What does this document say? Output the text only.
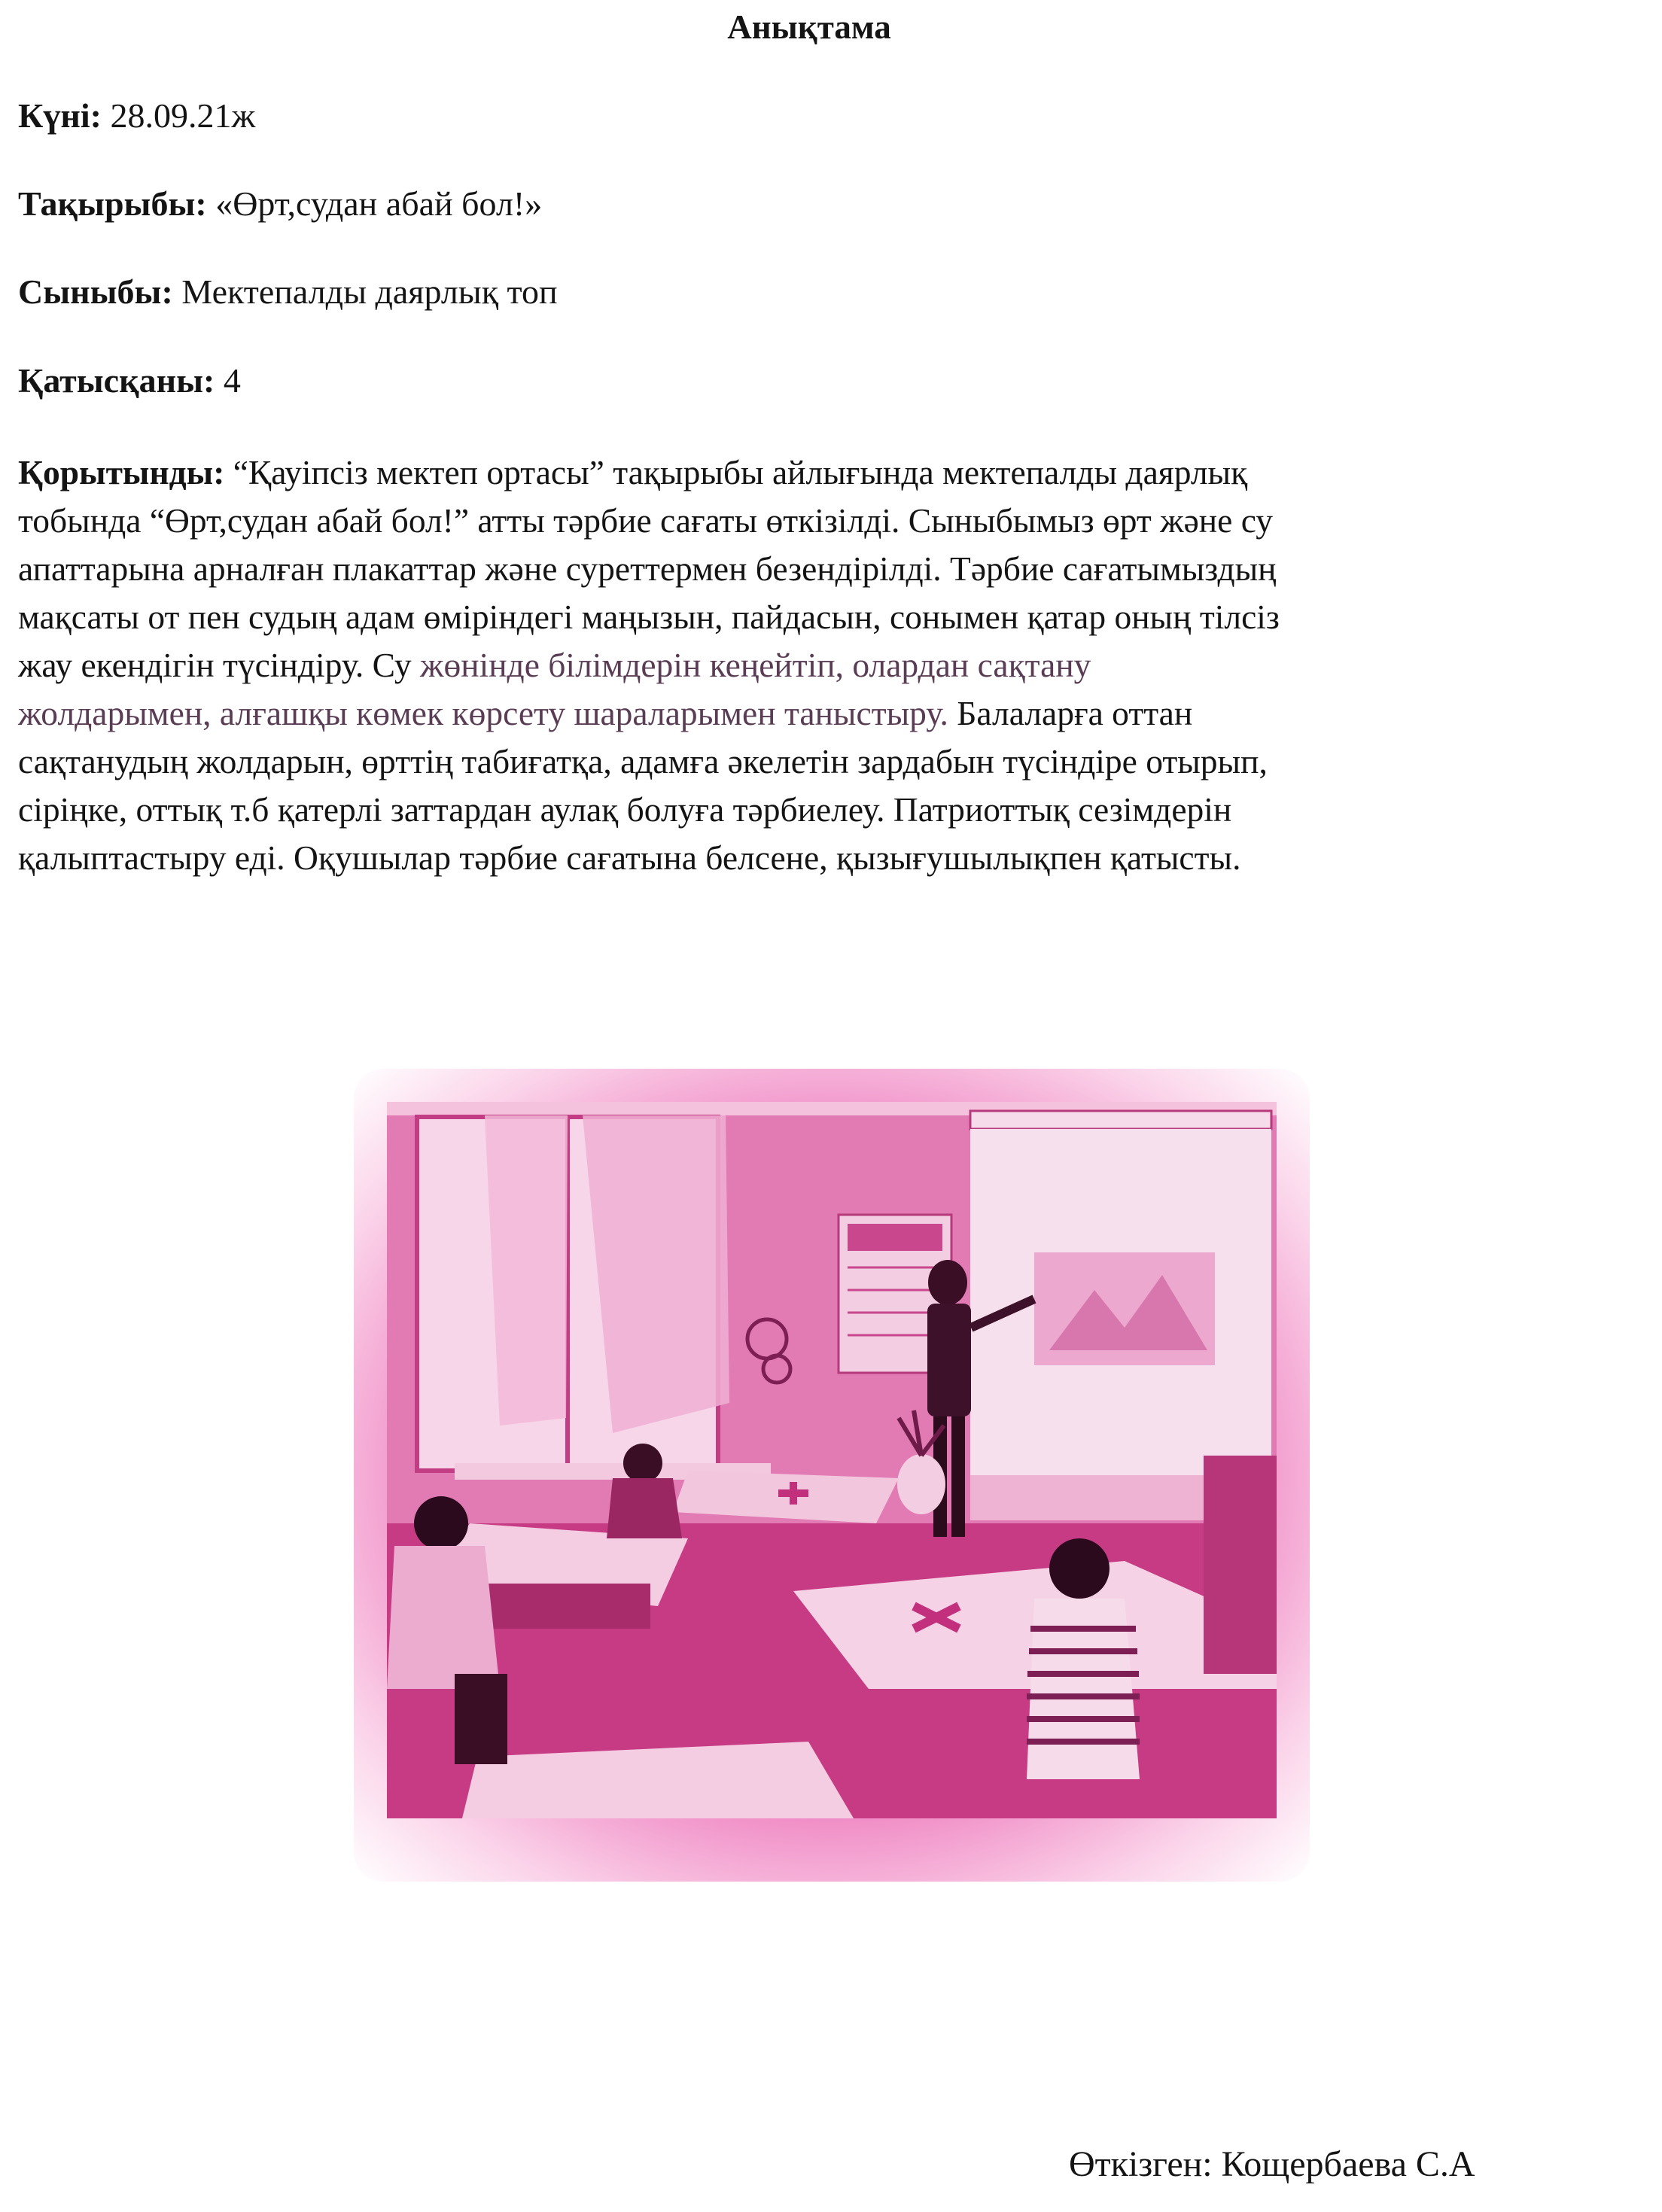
Анықтама
Күні: 28.09.21ж
Тақырыбы: «Өрт,судан абай бол!»
Сыныбы: Мектепалды даярлық топ
Қатысқаны: 4
Қорытынды: “Қауіпсіз мектеп ортасы” тақырыбы айлығында мектепалды даярлық
тобында “Өрт,судан абай бол!” атты тәрбие сағаты өткізілді. Сыныбымыз өрт және су
апаттарына арналған плакаттар және суреттермен безендірілді. Тәрбие сағатымыздың
мақсаты от пен судың адам өміріндегі маңызын, пайдасын, сонымен қатар оның тілсіз
жау екендігін түсіндіру. Су жөнінде білімдерін кеңейтіп, олардан сақтану
жолдарымен, алғашқы көмек көрсету шараларымен таныстыру. Балаларға оттан
сақтанудың жолдарын, өрттің табиғатқа, адамға әкелетін зардабын түсіндіре отырып,
сіріңке, оттық т.б қатерлі заттардан аулақ болуға тәрбиелеу. Патриоттық сезімдерін
қалыптастыру еді. Оқушылар тәрбие сағатына белсене, қызығушылықпен қатысты.
Өткізген: Кощербаева С.А
